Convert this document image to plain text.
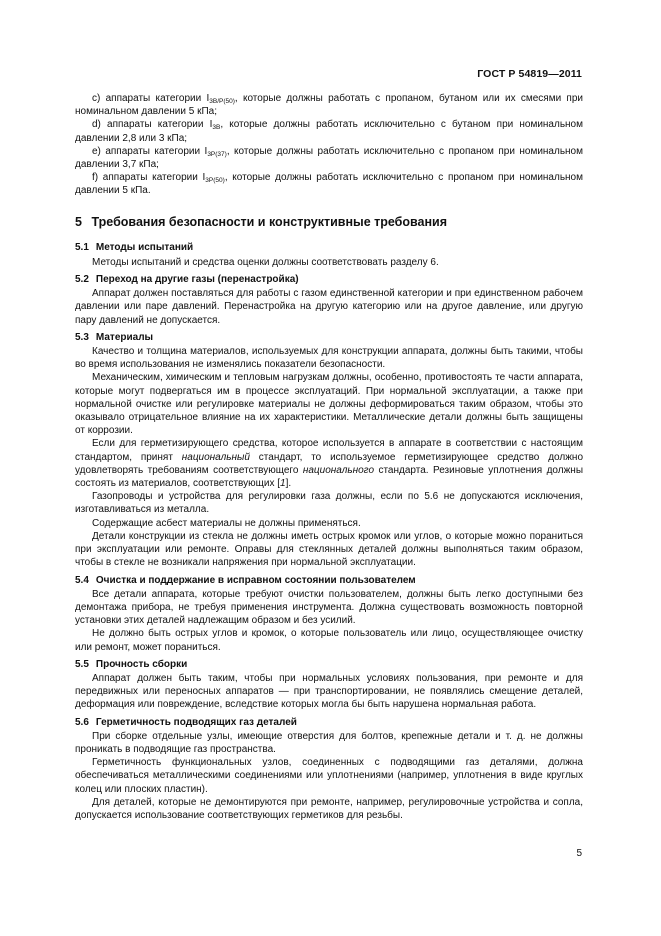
ГОСТ Р 54819—2011

c) аппараты категории $I_{3B/P(50)}$, которые должны работать с пропаном, бутаном или их смесями при номинальном давлении 5 кПа;

d) аппараты категории $I_{3B}$, которые должны работать исключительно с бутаном при номинальном давлении 2,8 или 3 кПа;

e) аппараты категории $I_{3P(37)}$, которые должны работать исключительно с пропаном при номинальном давлении 3,7 кПа;

f) аппараты категории $I_{3P(50)}$, которые должны работать исключительно с пропаном при номинальном давлении 5 кПа.

5 Требования безопасности и конструктивные требования
5.1 Методы испытаний

Методы испытаний и средства оценки должны соответствовать разделу 6.

5.2 Переход на другие газы (перенастройка)

Аппарат должен поставляться для работы с газом единственной категории и при единственном рабочем давлении или паре давлений. Перенастройка на другую категорию или на другое давление, или другую пару давлений не допускается.

5.3 Материалы

Качество и толщина материалов, используемых для конструкции аппарата, должны быть такими, чтобы во время использования не изменялись показатели безопасности.

Механическим, химическим и тепловым нагрузкам должны, особенно, противостоять те части аппарата, которые могут подвергаться им в процессе эксплуатаций. При нормальной эксплуатации, а также при нормальной очистке или регулировке материалы не должны деформироваться таким образом, чтобы это оказывало отрицательное влияние на их характеристики. Металлические детали должны быть защищены от коррозии.

Если для герметизирующего средства, которое используется в аппарате в соответствии с настоящим стандартом, принят национальный стандарт, то используемое герметизирующее средство должно удовлетворять требованиям соответствующего национального стандарта. Резиновые уплотнения должны состоять из материалов, соответствующих [1].

Газопроводы и устройства для регулировки газа должны, если по 5.6 не допускаются исключения, изготавливаться из металла.

Содержащие асбест материалы не должны применяться.

Детали конструкции из стекла не должны иметь острых кромок или углов, о которые можно пораниться при эксплуатации или ремонте. Оправы для стеклянных деталей должны выполняться таким образом, чтобы в стекле не возникали напряжения при нормальной эксплуатации.

5.4 Очистка и поддержание в исправном состоянии пользователем

Все детали аппарата, которые требуют очистки пользователем, должны быть легко доступными без демонтажа прибора, не требуя применения инструмента. Должна существовать возможность повторной установки этих деталей надлежащим образом и без усилий.

Не должно быть острых углов и кромок, о которые пользователь или лицо, осуществляющее очистку или ремонт, может пораниться.

5.5 Прочность сборки

Аппарат должен быть таким, чтобы при нормальных условиях пользования, при ремонте и для передвижных или переносных аппаратов — при транспортировании, не появлялись смещение деталей, деформация или повреждение, вследствие которых могла бы быть нарушена нормальная работа.

5.6 Герметичность подводящих газ деталей

При сборке отдельные узлы, имеющие отверстия для болтов, крепежные детали и т. д. не должны проникать в подводящие газ пространства.

Герметичность функциональных узлов, соединенных с подводящими газ деталями, должна обеспечиваться металлическими соединениями или уплотнениями (например, уплотнения в виде круглых колец или плоских пластин).

Для деталей, которые не демонтируются при ремонте, например, регулировочные устройства и сопла, допускается использование соответствующих герметиков для резьбы.

5
